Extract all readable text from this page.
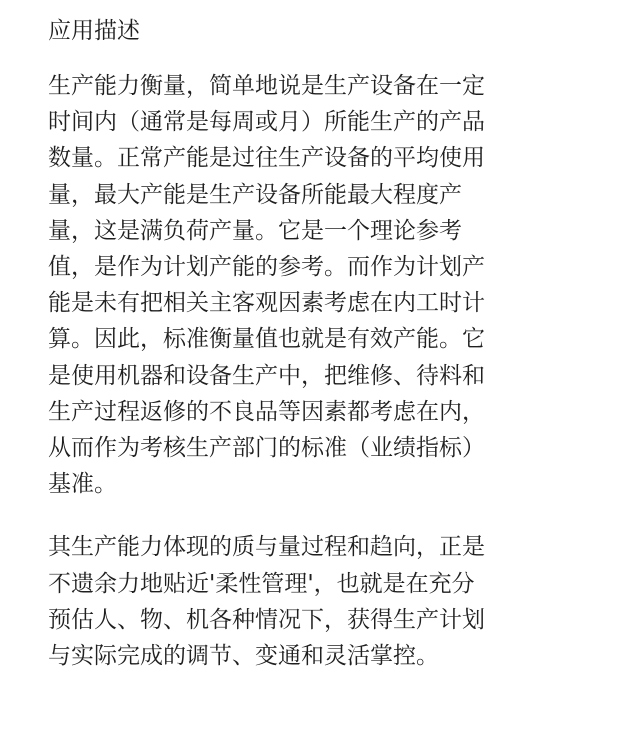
应用描述

生产能力衡量，简单地说是生产设备在一定
时间内（通常是每周或月）所能生产的产品
数量。正常产能是过往生产设备的平均使用
量，最大产能是生产设备所能最大程度产
量，这是满负荷产量。它是一个理论参考
值，是作为计划产能的参考。而作为计划产
能是未有把相关主客观因素考虑在内工时计
算。因此，标准衡量值也就是有效产能。它
是使用机器和设备生产中，把维修、待料和
生产过程返修的不良品等因素都考虑在内，
从而作为考核生产部门的标准（业绩指标）
基准。

其生产能力体现的质与量过程和趋向，正是
不遗余力地贴近'柔性管理'，也就是在充分
预估人、物、机各种情况下，获得生产计划
与实际完成的调节、变通和灵活掌控。
